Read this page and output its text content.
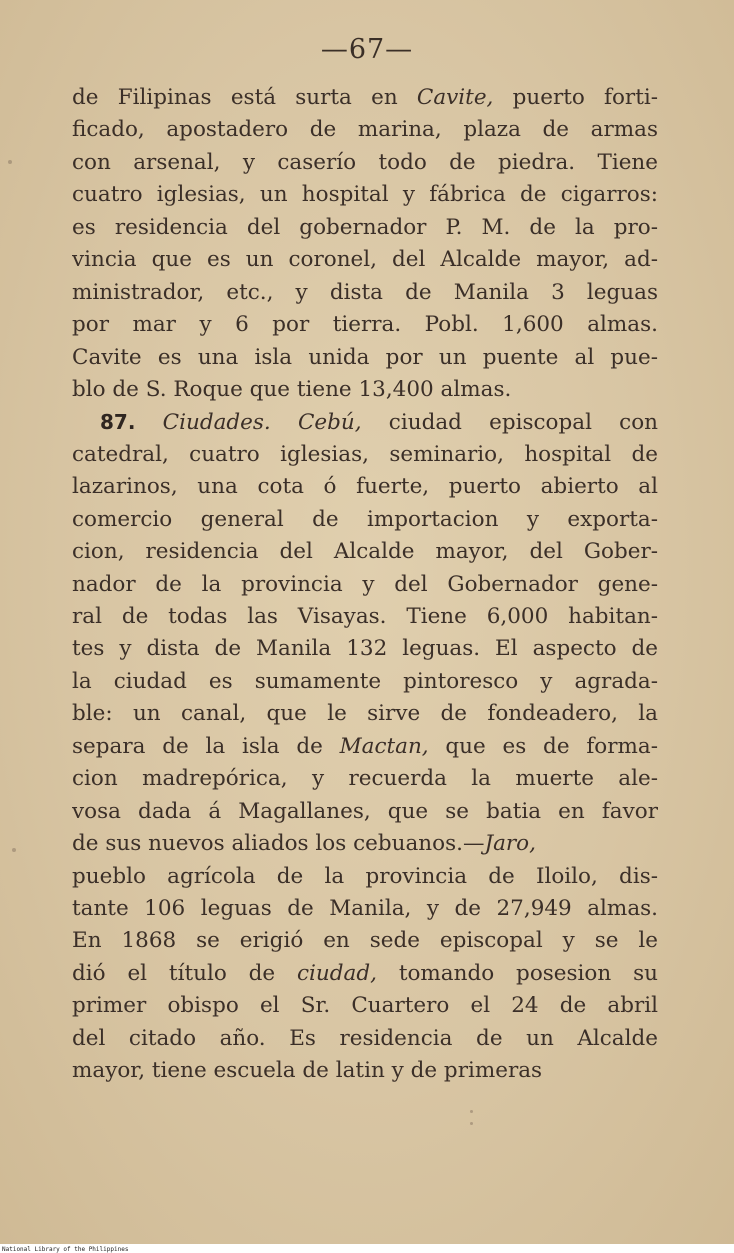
—67—
de Filipinas está surta en Cavite, puerto forti-
ficado, apostadero de marina, plaza de armas
con arsenal, y caserío todo de piedra. Tiene
cuatro iglesias, un hospital y fábrica de cigarros:
es residencia del gobernador P. M. de la pro-
vincia que es un coronel, del Alcalde mayor, ad-
ministrador, etc., y dista de Manila 3 leguas
por mar y 6 por tierra. Pobl. 1,600 almas.
Cavite es una isla unida por un puente al pue-
blo de S. Roque que tiene 13,400 almas.
87. Ciudades. Cebú, ciudad episcopal con
catedral, cuatro iglesias, seminario, hospital de
lazarinos, una cota ó fuerte, puerto abierto al
comercio general de importacion y exporta-
cion, residencia del Alcalde mayor, del Gober-
nador de la provincia y del Gobernador gene-
ral de todas las Visayas. Tiene 6,000 habitan-
tes y dista de Manila 132 leguas. El aspecto de
la ciudad es sumamente pintoresco y agrada-
ble: un canal, que le sirve de fondeadero, la
separa de la isla de Mactan, que es de forma-
cion madrepórica, y recuerda la muerte ale-
vosa dada á Magallanes, que se batia en favor
de sus nuevos aliados los cebuanos.—Jaro,
pueblo agrícola de la provincia de Iloilo, dis-
tante 106 leguas de Manila, y de 27,949 almas.
En 1868 se erigió en sede episcopal y se le
dió el título de ciudad, tomando posesion su
primer obispo el Sr. Cuartero el 24 de abril
del citado año. Es residencia de un Alcalde
mayor, tiene escuela de latin y de primeras
National Library of the Philippines
